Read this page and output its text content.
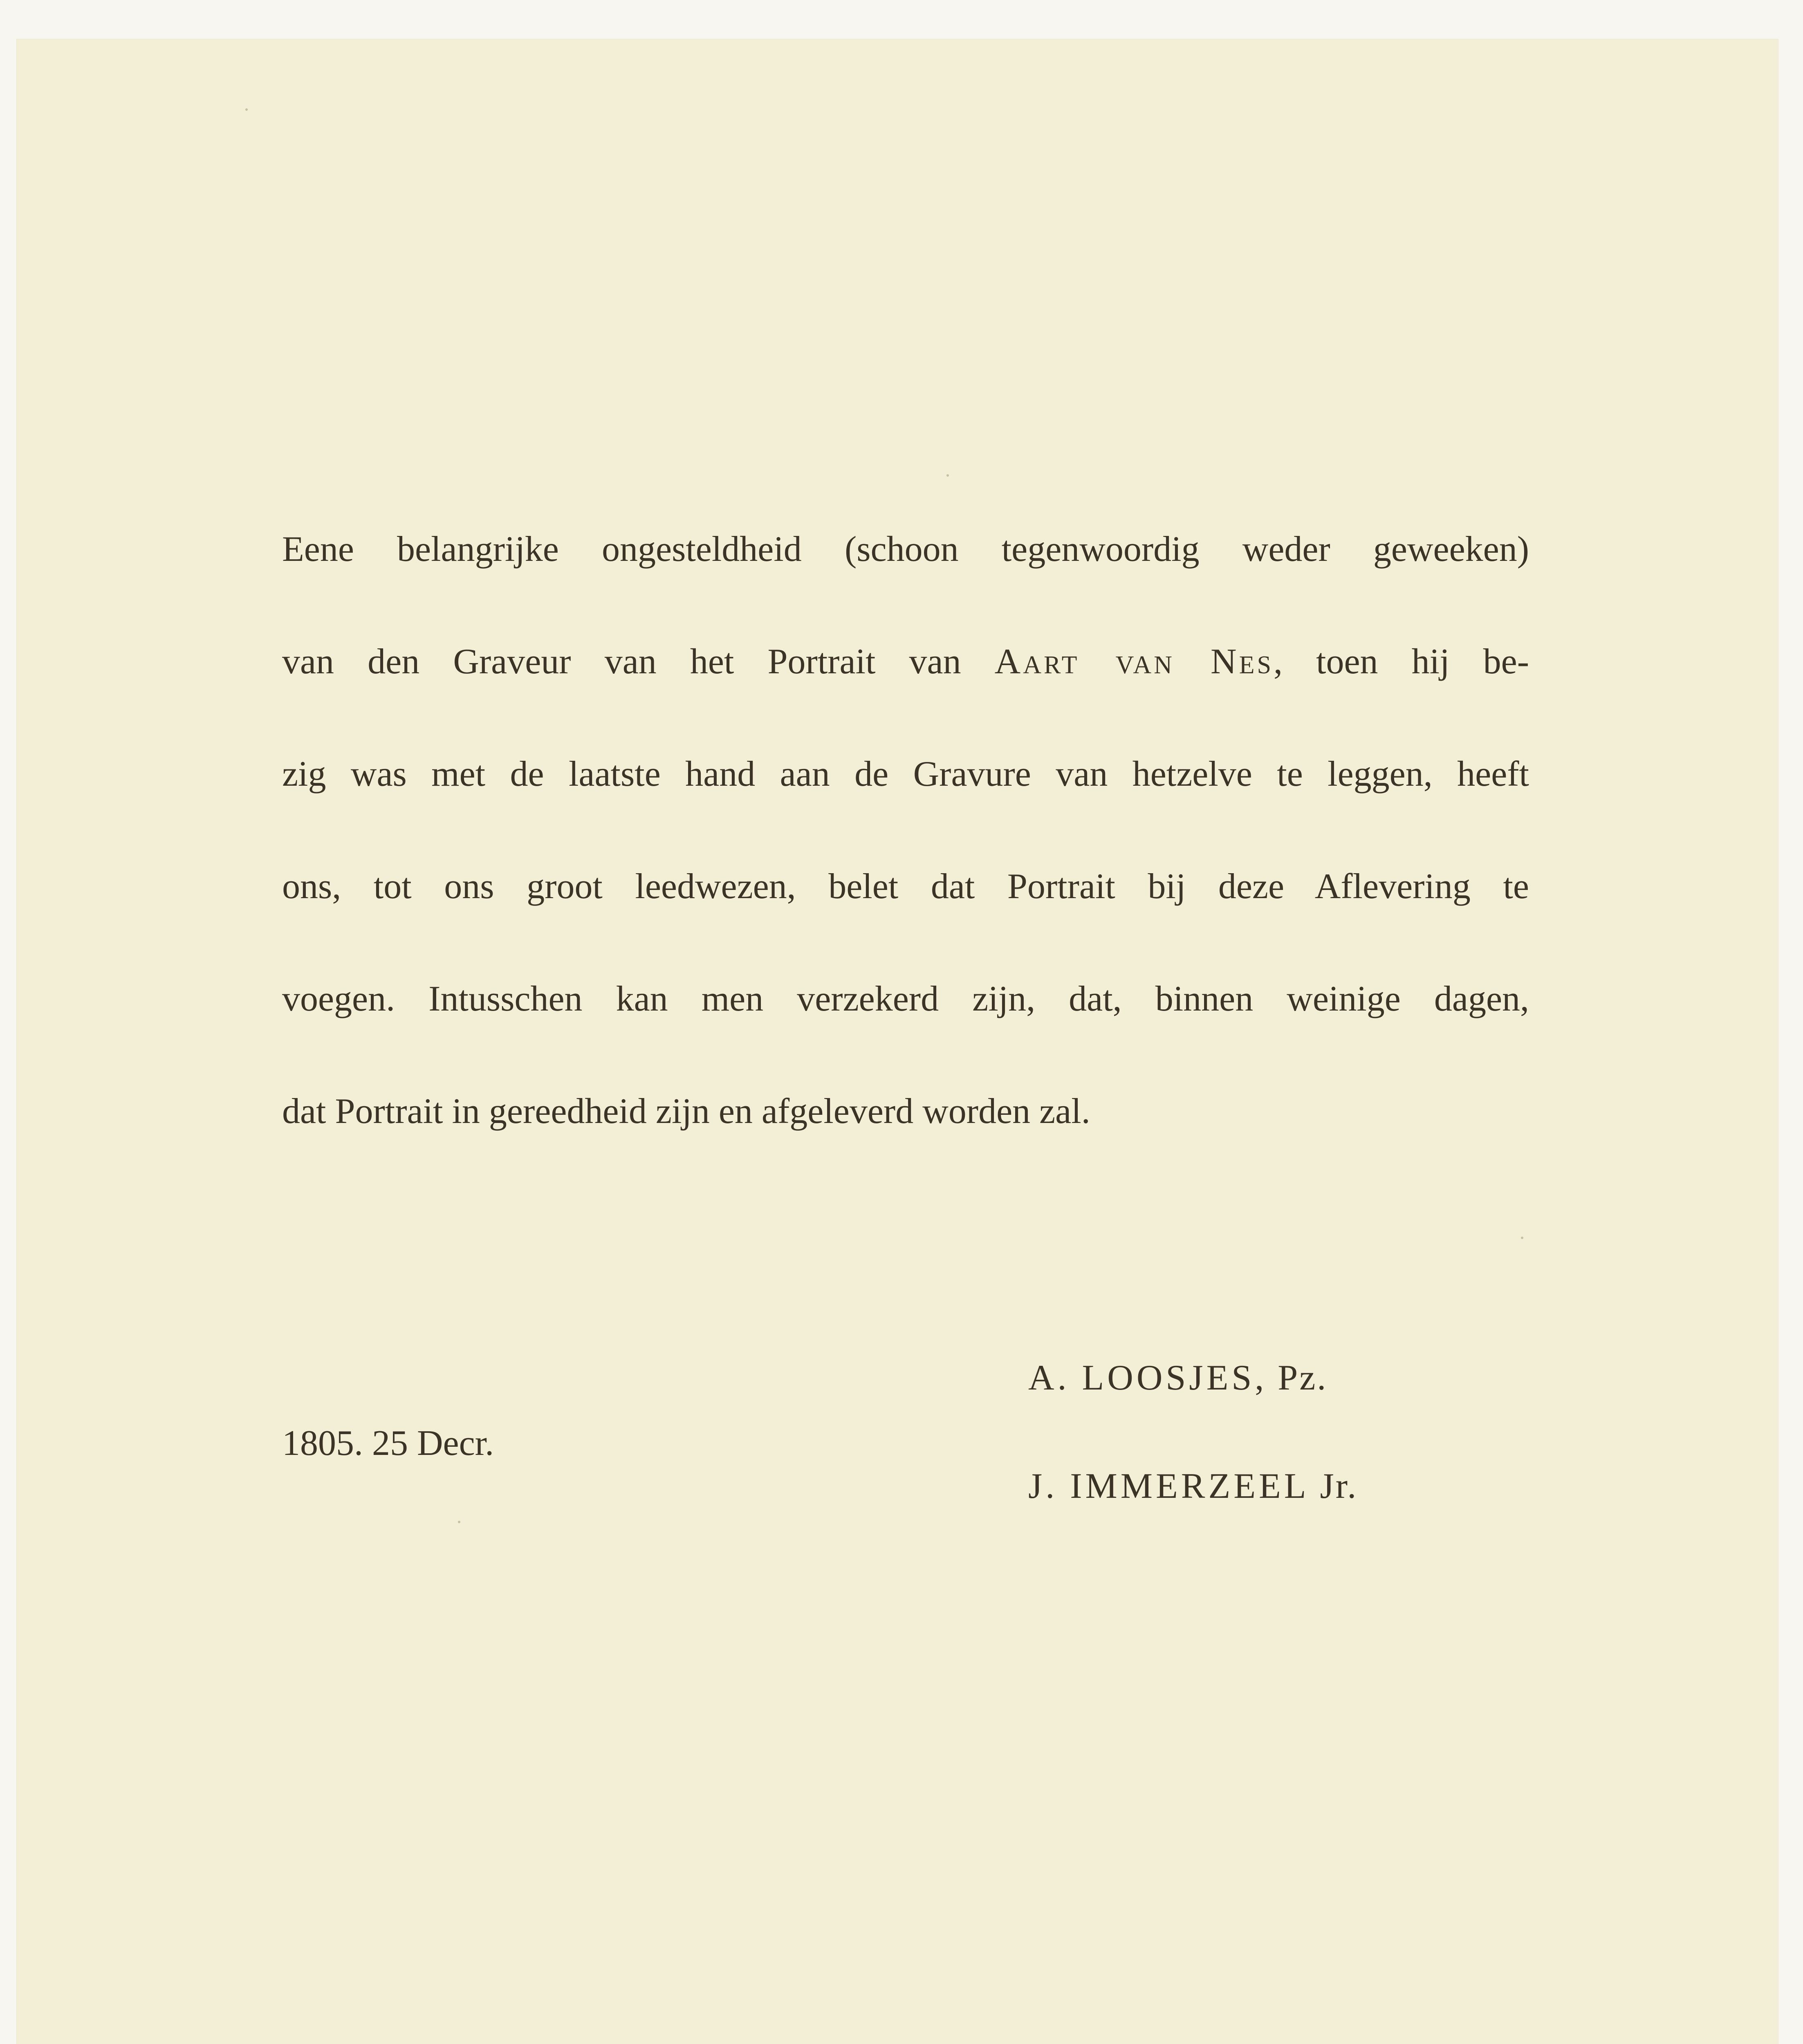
Eene belangrijke ongesteldheid (schoon tegenwoordig weder geweeken)
van den Graveur van het Portrait van Aart van Nes, toen hij be-
zig was met de laatste hand aan de Gravure van hetzelve te leggen, heeft
ons, tot ons groot leedwezen, belet dat Portrait bij deze Aflevering te
voegen. Intusschen kan men verzekerd zijn, dat, binnen weinige dagen,
dat Portrait in gereedheid zijn en afgeleverd worden zal.
1805. 25 Decr.
A. LOOSJES, Pz.
J. IMMERZEEL Jr.
